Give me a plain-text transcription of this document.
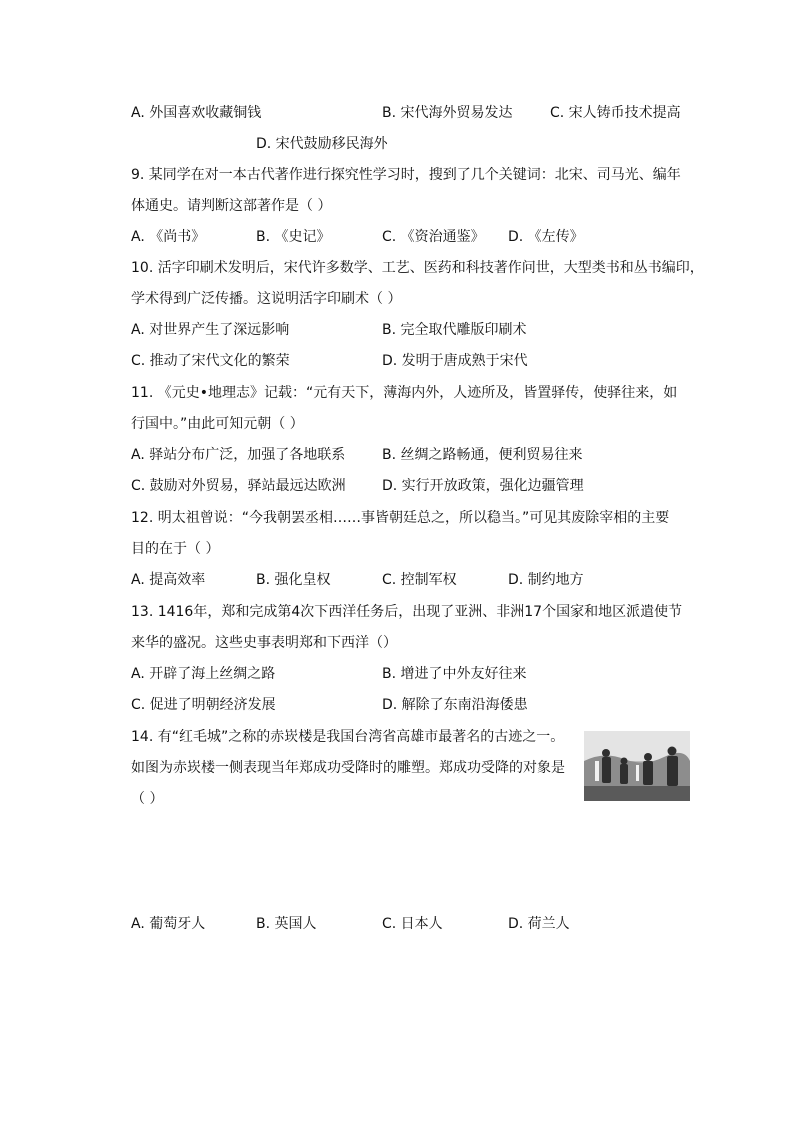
A. 外国喜欢收藏铜钱	B. 宋代海外贸易发达	C. 宋人铸币技术提高
D. 宋代鼓励移民海外
9. 某同学在对一本古代著作进行探究性学习时，搜到了几个关键词：北宋、司马光、编年
体通史。请判断这部著作是（ ）
A. 《尚书》	B. 《史记》	C. 《资治通鉴》 D. 《左传》
10. 活字印刷术发明后，宋代许多数学、工艺、医药和科技著作问世，大型类书和丛书编印，
学术得到广泛传播。这说明活字印刷术（ ）
A. 对世界产生了深远影响	B. 完全取代雕版印刷术
C. 推动了宋代文化的繁荣	D. 发明于唐成熟于宋代
11. 《元史•地理志》记载：“元有天下，薄海内外，人迹所及，皆置驿传，使驿往来，如
行国中。”由此可知元朝（ ）
A. 驿站分布广泛，加强了各地联系	B. 丝绸之路畅通，便利贸易往来
C. 鼓励对外贸易，驿站最远达欧洲	D. 实行开放政策，强化边疆管理
12. 明太祖曾说：“今我朝罢丞相……事皆朝廷总之，所以稳当。”可见其废除宰相的主要
目的在于（ ）
A. 提高效率	B. 强化皇权	C. 控制军权	D. 制约地方
13. 1416年，郑和完成第4次下西洋任务后，出现了亚洲、非洲17个国家和地区派遣使节
来华的盛况。这些史事表明郑和下西洋（）
A. 开辟了海上丝绸之路	B. 增进了中外友好往来
C. 促进了明朝经济发展	D. 解除了东南沿海倭患
14. 有“红毛城”之称的赤崁楼是我国台湾省高雄市最著名的古迹之一。
如图为赤崁楼一侧表现当年郑成功受降时的雕塑。郑成功受降的对象是
（ ）
A. 葡萄牙人	B. 英国人	C. 日本人	D. 荷兰人
